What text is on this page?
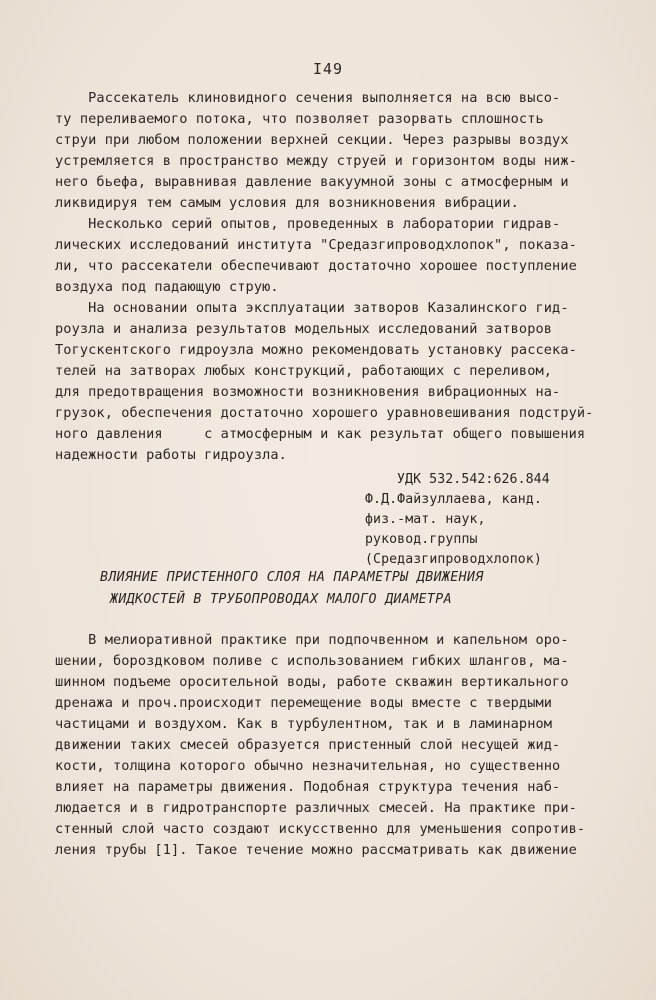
I49
Рассекатель клиновидного сечения выполняется на всю высо-
ту переливаемого потока, что позволяет разорвать сплошность
струи при любом положении верхней секции. Через разрывы воздух
устремляется в пространство между струей и горизонтом воды ниж-
него бьефа, выравнивая давление вакуумной зоны с атмосферным и
ликвидируя тем самым условия для возникновения вибрации.
Несколько серий опытов, проведенных в лаборатории гидрав-
лических исследований института "Средазгипроводхлопок", показа-
ли, что рассекатели обеспечивают достаточно хорошее поступление
воздуха под падающую струю.
На основании опыта эксплуатации затворов Казалинского гид-
роузла и анализа результатов модельных исследований затворов
Тогускентского гидроузла можно рекомендовать установку рассека-
телей на затворах любых конструкций, работающих с переливом,
для предотвращения возможности возникновения вибрационных на-
грузок, обеспечения достаточно хорошего уравновешивания подструй-
ного давления     с атмосферным и как результат общего повышения
надежности работы гидроузла.
УДК 532.542:626.844
Ф.Д.Файзуллаева, канд.
физ.-мат. наук,
руковод.группы
(Средазгипроводхлопок)
ВЛИЯНИЕ ПРИСТЕННОГО СЛОЯ НА ПАРАМЕТРЫ ДВИЖЕНИЯ
ЖИДКОСТЕЙ В ТРУБОПРОВОДАХ МАЛОГО ДИАМЕТРА
В мелиоративной практике при подпочвенном и капельном оро-
шении, бороздковом поливе с использованием гибких шлангов, ма-
шинном подъеме оросительной воды, работе скважин вертикального
дренажа и проч.происходит перемещение воды вместе с твердыми
частицами и воздухом. Как в турбулентном, так и в ламинарном
движении таких смесей образуется пристенный слой несущей жид-
кости, толщина которого обычно незначительная, но существенно
влияет на параметры движения. Подобная структура течения наб-
людается и в гидротранспорте различных смесей. На практике при-
стенный слой часто создают искусственно для уменьшения сопротив-
ления трубы [1]. Такое течение можно рассматривать как движение
